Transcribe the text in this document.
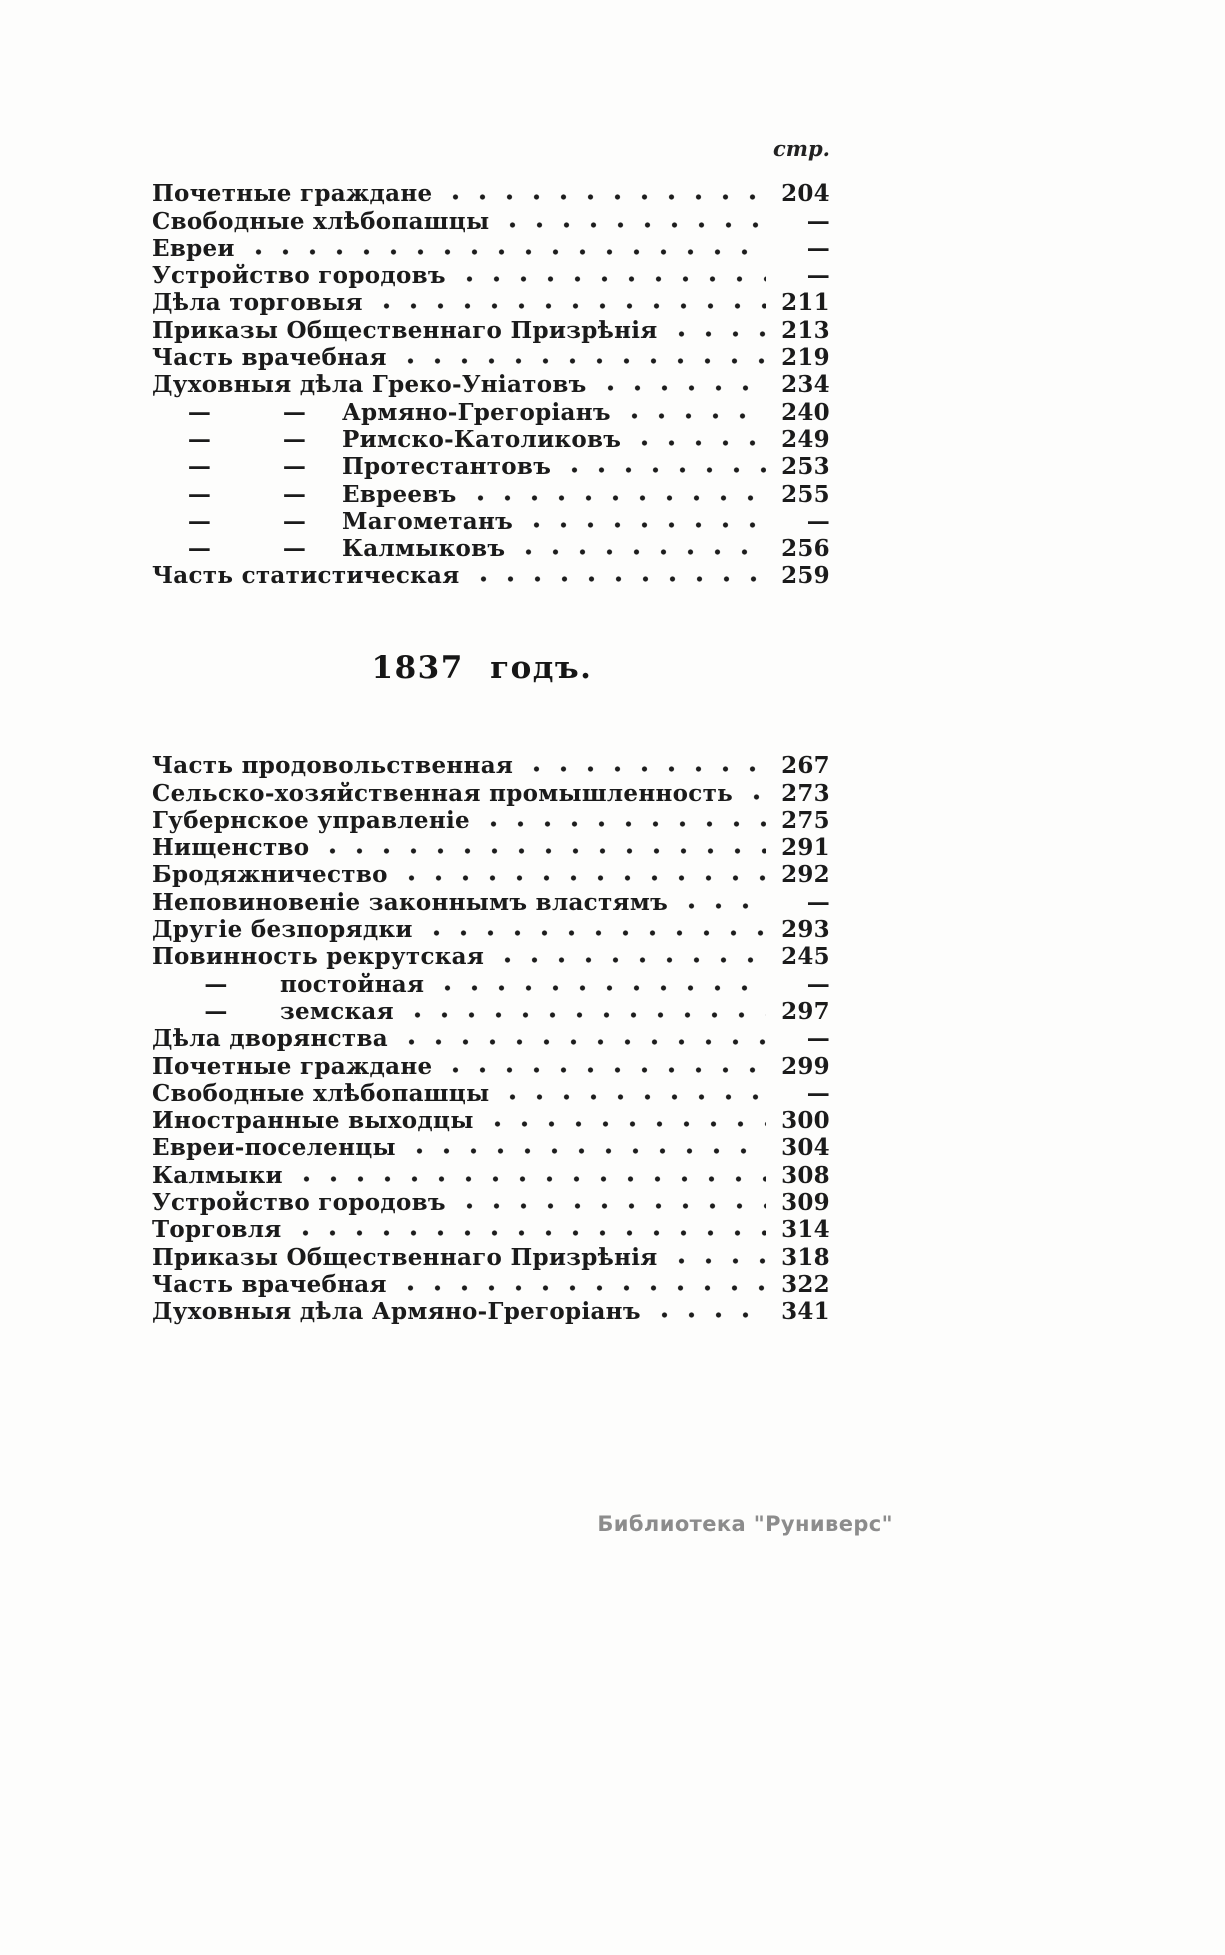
стр.
Почетные граждане	204
Свободные хлѣбопашцы	—
Евреи	—
Устройство городовъ	—
Дѣла торговыя	211
Приказы Общественнаго Призрѣнія	213
Часть врачебная	219
Духовныя дѣла Греко-Уніатовъ	234
—	— Армяно-Грегоріанъ	240
—	— Римско-Католиковъ	249
—	— Протестантовъ	253
—	— Евреевъ	255
—	— Магометанъ	—
—	— Калмыковъ	256
Часть статистическая	259
1837 годъ.
Часть продовольственная	267
Сельско-хозяйственная промышленность	273
Губернское управленіе	275
Нищенство	291
Бродяжничество	292
Неповиновеніе законнымъ властямъ	—
Другіе безпорядки	293
Повинность рекрутская	245
— постойная	—
— земская	297
Дѣла дворянства	—
Почетные граждане	299
Свободные хлѣбопашцы	—
Иностранные выходцы	300
Евреи-поселенцы	304
Калмыки	308
Устройство городовъ	309
Торговля	314
Приказы Общественнаго Призрѣнія	318
Часть врачебная	322
Духовныя дѣла Армяно-Грегоріанъ	341
Библиотека "Руниверс"
